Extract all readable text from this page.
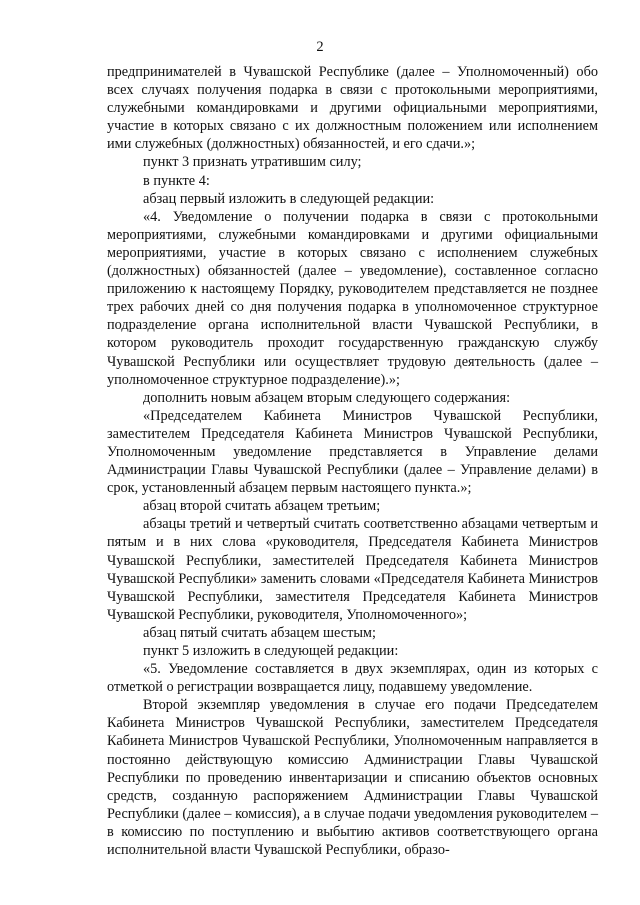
2

предпринимателей в Чувашской Республике (далее – Уполномоченный) обо всех случаях получения подарка в связи с протокольными мероприятиями, служебными командировками и другими официальными мероприятиями, участие в которых связано с их должностным положением или исполнением ими служебных (должностных) обязанностей, и его сдачи.»;

пункт 3 признать утратившим силу;

в пункте 4:

абзац первый изложить в следующей редакции:

«4. Уведомление о получении подарка в связи с протокольными мероприятиями, служебными командировками и другими официальными мероприятиями, участие в которых связано с исполнением служебных (должностных) обязанностей (далее – уведомление), составленное согласно приложению к настоящему Порядку, руководителем представляется не позднее трех рабочих дней со дня получения подарка в уполномоченное структурное подразделение органа исполнительной власти Чувашской Республики, в котором руководитель проходит государственную гражданскую службу Чувашской Республики или осуществляет трудовую деятельность (далее – уполномоченное структурное подразделение).»;

дополнить новым абзацем вторым следующего содержания:

«Председателем Кабинета Министров Чувашской Республики, заместителем Председателя Кабинета Министров Чувашской Республики, Уполномоченным уведомление представляется в Управление делами Администрации Главы Чувашской Республики (далее – Управление делами) в срок, установленный абзацем первым настоящего пункта.»;

абзац второй считать абзацем третьим;

абзацы третий и четвертый считать соответственно абзацами четвертым и пятым и в них слова «руководителя, Председателя Кабинета Министров Чувашской Республики, заместителей Председателя Кабинета Министров Чувашской Республики» заменить словами «Председателя Кабинета Министров Чувашской Республики, заместителя Председателя Кабинета Министров Чувашской Республики, руководителя, Уполномоченного»;

абзац пятый считать абзацем шестым;

пункт 5 изложить в следующей редакции:

«5. Уведомление составляется в двух экземплярах, один из которых с отметкой о регистрации возвращается лицу, подавшему уведомление.

Второй экземпляр уведомления в случае его подачи Председателем Кабинета Министров Чувашской Республики, заместителем Председателя Кабинета Министров Чувашской Республики, Уполномоченным направляется в постоянно действующую комиссию Администрации Главы Чувашской Республики по проведению инвентаризации и списанию объектов основных средств, созданную распоряжением Администрации Главы Чувашской Республики (далее – комиссия), а в случае подачи уведомления руководителем – в комиссию по поступлению и выбытию активов соответствующего органа исполнительной власти Чувашской Республики, образо-
